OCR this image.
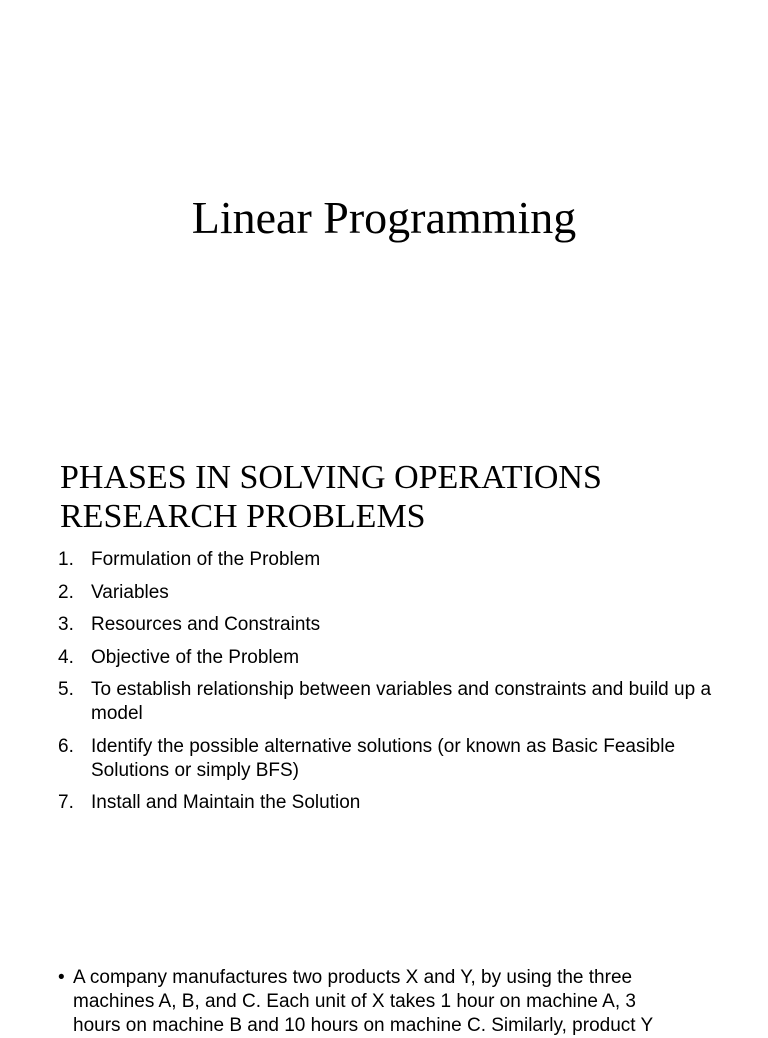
Linear Programming
PHASES IN SOLVING OPERATIONS
RESEARCH PROBLEMS
1. Formulation of the Problem
2. Variables
3. Resources and Constraints
4. Objective of the Problem
5. To establish relationship between variables and constraints and build up a model
6. Identify the possible alternative solutions (or known as Basic Feasible Solutions or simply BFS)
7. Install and Maintain the Solution
• A company manufactures two products X and Y, by using the three
machines A, B, and C. Each unit of X takes 1 hour on machine A, 3
hours on machine B and 10 hours on machine C. Similarly, product Y
